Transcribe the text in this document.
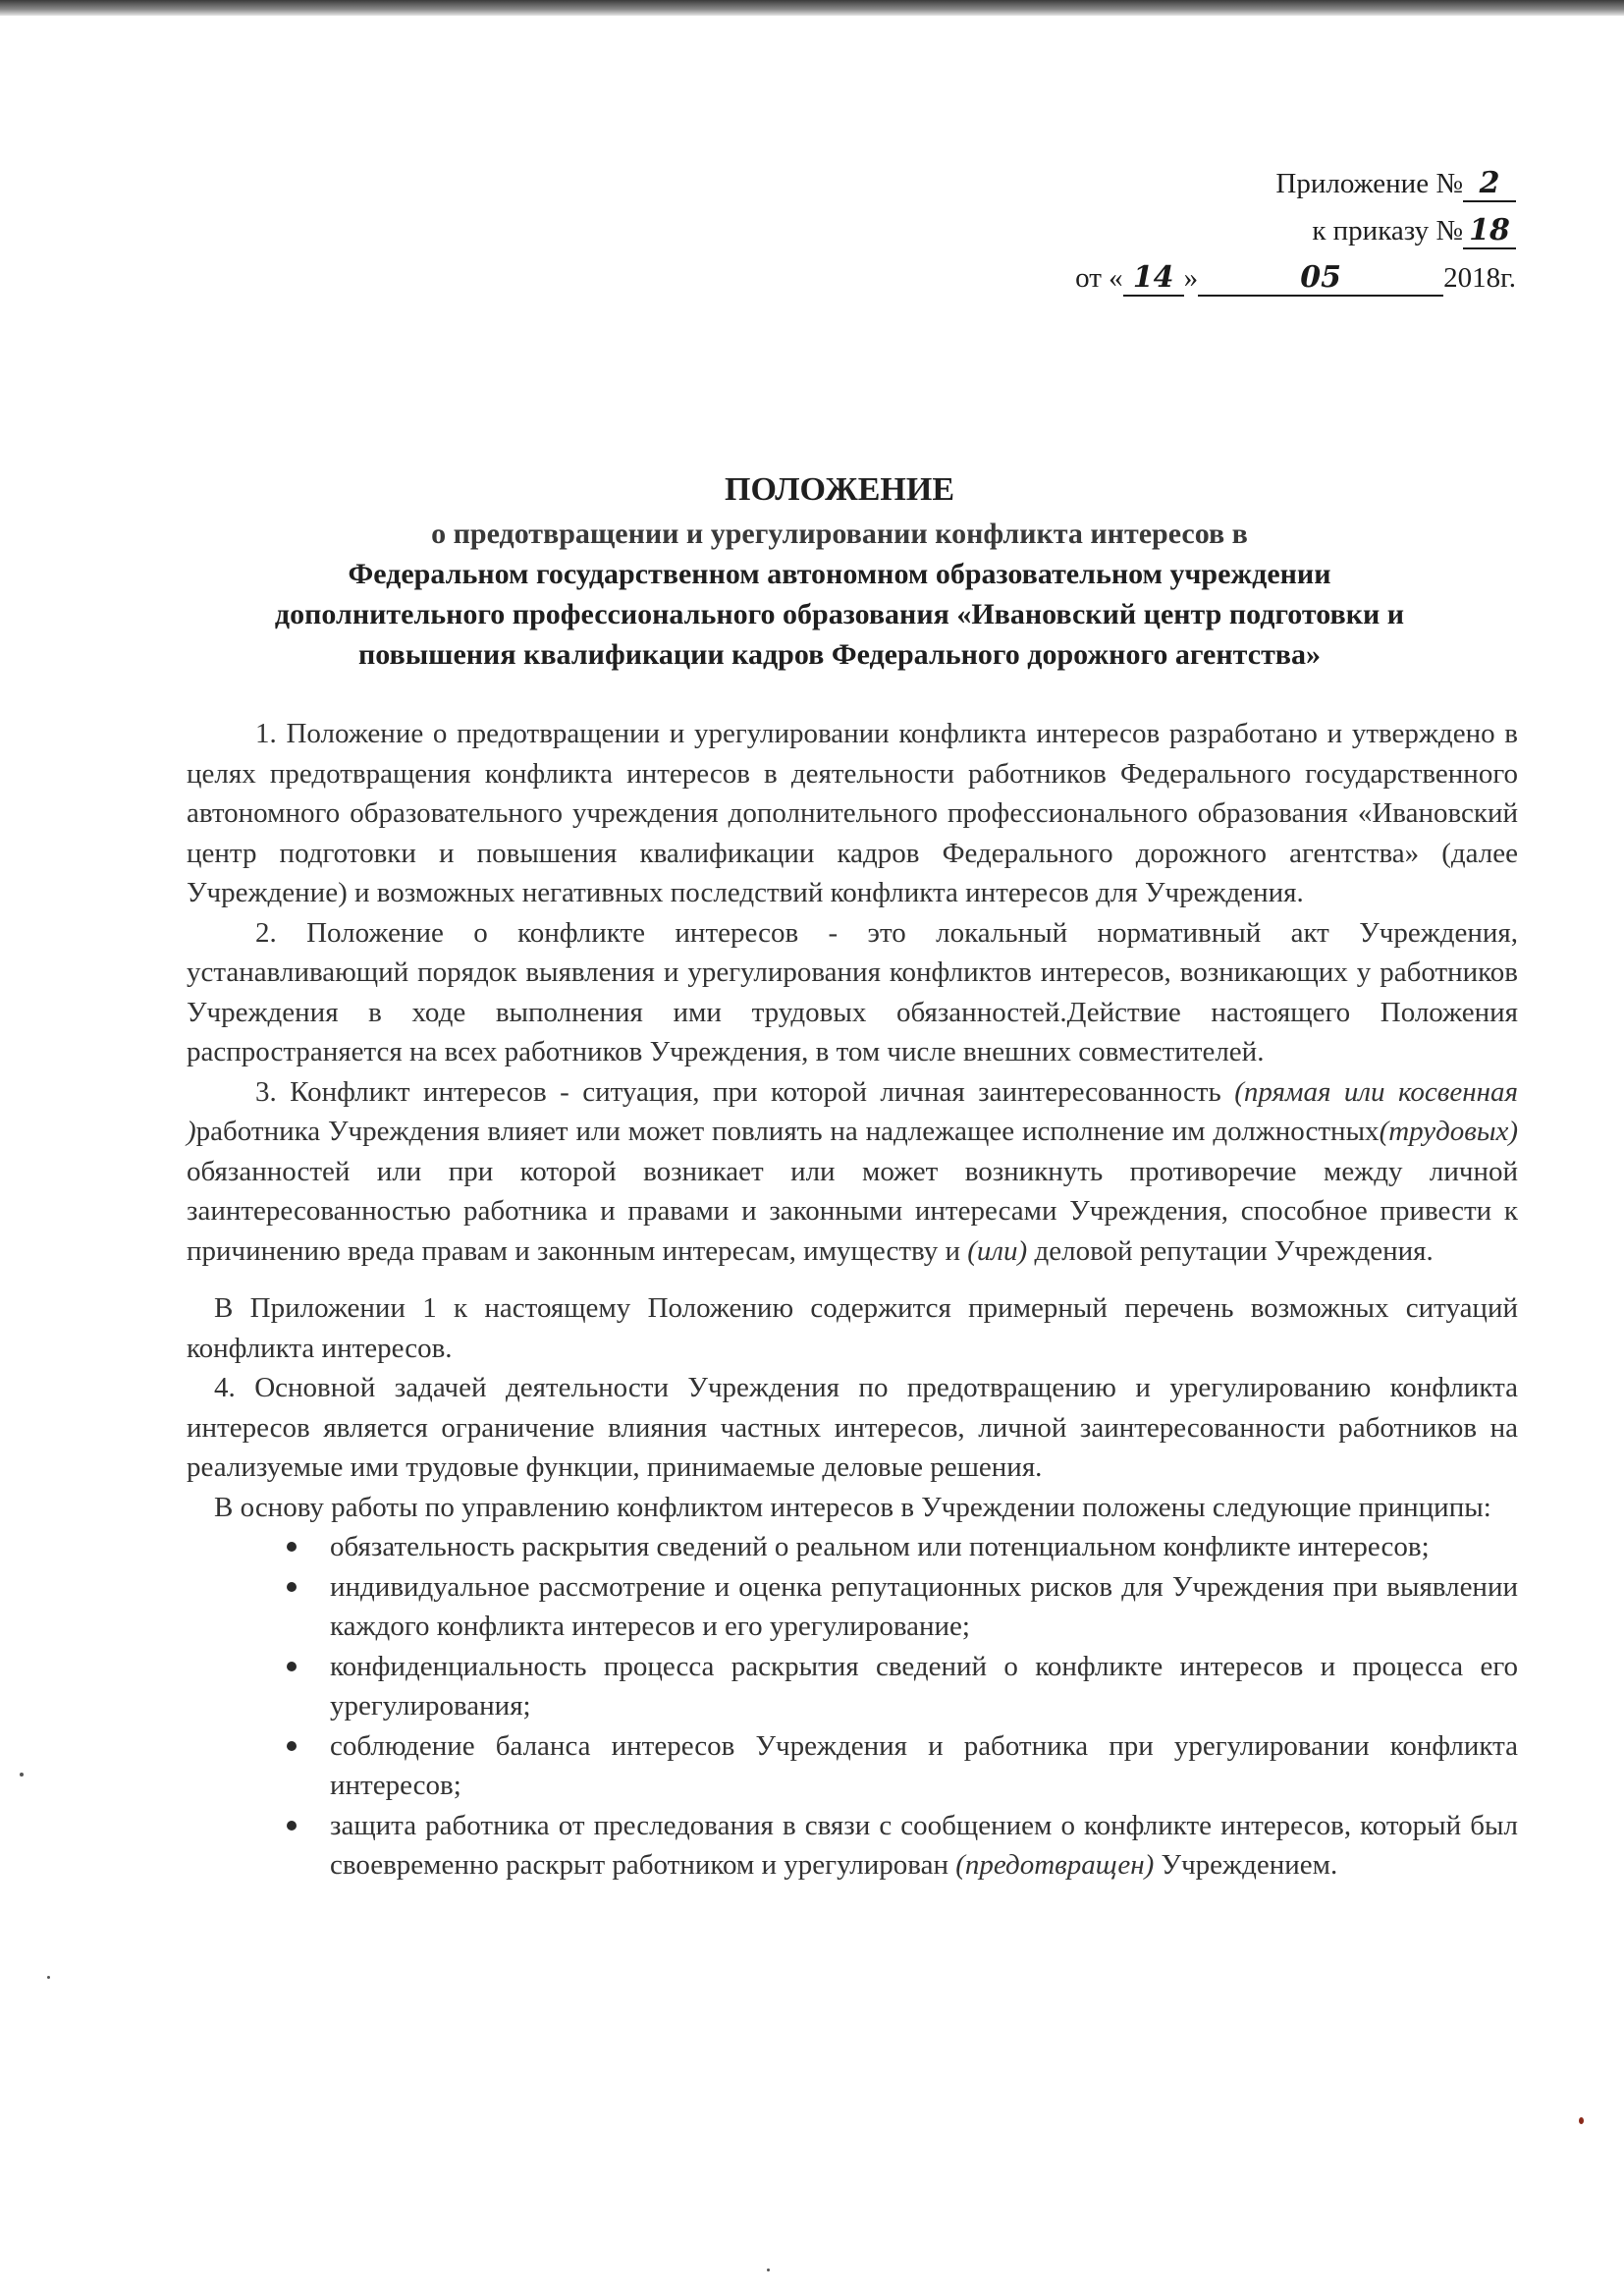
Приложение № 2
к приказу № 18
от « 14 »	05	2018г.
ПОЛОЖЕНИЕ
о предотвращении и урегулировании конфликта интересов в
Федеральном государственном автономном образовательном учреждении
дополнительного профессионального образования «Ивановский центр подготовки и
повышения квалификации кадров Федерального дорожного агентства»

1. Положение о предотвращении и урегулировании конфликта интересов разработано и утверждено в целях предотвращения конфликта интересов в деятельности работников Федерального государственного автономного образовательного учреждения дополнительного профессионального образования «Ивановский центр подготовки и повышения квалификации кадров Федерального дорожного агентства» (далее Учреждение) и возможных негативных последствий конфликта интересов для Учреждения.

2. Положение о конфликте интересов - это локальный нормативный акт Учреждения, устанавливающий порядок выявления и урегулирования конфликтов интересов, возникающих у работников Учреждения в ходе выполнения ими трудовых обязанностей.Действие настоящего Положения распространяется на всех работников Учреждения, в том числе внешних совместителей.

3. Конфликт интересов - ситуация, при которой личная заинтересованность (прямая или косвенная )работника Учреждения влияет или может повлиять на надлежащее исполнение им должностных(трудовых) обязанностей или при которой возникает или может возникнуть противоречие между личной заинтересованностью работника и правами и законными интересами Учреждения, способное привести к причинению вреда правам и законным интересам, имуществу и (или) деловой репутации Учреждения.

В Приложении 1 к настоящему Положению содержится примерный перечень возможных ситуаций конфликта интересов.

4. Основной задачей деятельности Учреждения по предотвращению и урегулированию конфликта интересов является ограничение влияния частных интересов, личной заинтересованности работников на реализуемые ими трудовые функции, принимаемые деловые решения.

В основу работы по управлению конфликтом интересов в Учреждении положены следующие принципы:

обязательность раскрытия сведений о реальном или потенциальном конфликте интересов;
индивидуальное рассмотрение и оценка репутационных рисков для Учреждения при выявлении каждого конфликта интересов и его урегулирование;
конфиденциальность процесса раскрытия сведений о конфликте интересов и процесса его урегулирования;
соблюдение баланса интересов Учреждения и работника при урегулировании конфликта интересов;
защита работника от преследования в связи с сообщением о конфликте интересов, который был своевременно раскрыт работником и урегулирован (предотвращен) Учреждением.
